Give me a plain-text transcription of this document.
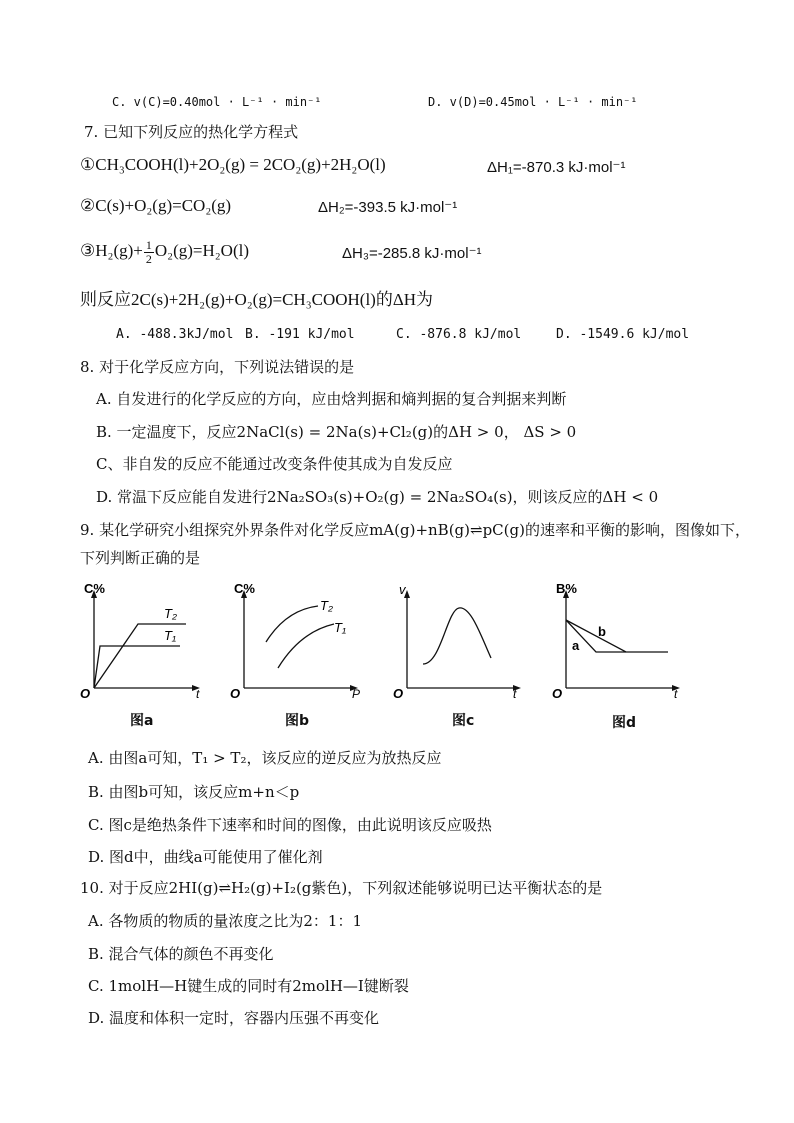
C. v(C)=0.40mol · L⁻¹ · min⁻¹	D. v(D)=0.45mol · L⁻¹ · min⁻¹
7. 已知下列反应的热化学方程式
①CH₃COOH(l)+2O₂(g) = 2CO₂(g)+2H₂O(l)	ΔH₁=-870.3 kJ·mol⁻¹
②C(s)+O₂(g)=CO₂(g)	ΔH₂=-393.5 kJ·mol⁻¹
③H₂(g)+ $\frac{1}{2} O_2(g)=H_2O(l)$	ΔH₃=-285.8 kJ·mol⁻¹
则反应2C(s)+2H₂(g)+O₂(g)=CH₃COOH(l)的ΔH为
A. -488.3kJ/mol B. -191 kJ/mol	C. -876.8 kJ/mol	D. -1549.6 kJ/mol
8. 对于化学反应方向，下列说法错误的是
A. 自发进行的化学反应的方向，应由焓判据和熵判据的复合判据来判断
B. 一定温度下，反应2NaCl(s) = 2Na(s)+Cl₂(g)的ΔH > 0， ΔS > 0
C、非自发的反应不能通过改变条件使其成为自发反应
D. 常温下反应能自发进行2Na₂SO₃(s)+O₂(g) = 2Na₂SO₄(s)，则该反应的ΔH < 0
9. 某化学研究小组探究外界条件对化学反应mA(g)+nB(g)⇌pC(g)的速率和平衡的影响，图像如下，
下列判断正确的是
C%
t
O
T₂
T₁
图a
C%
P
O
T₂
T₁
图b
v
t
O
图c
B%
t
O
b
a
图d
A. 由图a可知，T₁ > T₂，该反应的逆反应为放热反应
B. 由图b可知，该反应m+n＜p
C. 图c是绝热条件下速率和时间的图像，由此说明该反应吸热
D. 图d中，曲线a可能使用了催化剂
10. 对于反应2HI(g)⇌H₂(g)+I₂(g紫色)，下列叙述能够说明已达平衡状态的是
A. 各物质的物质的量浓度之比为2：1：1
B. 混合气体的颜色不再变化
C. 1molH—H键生成的同时有2molH—I键断裂
D. 温度和体积一定时，容器内压强不再变化
